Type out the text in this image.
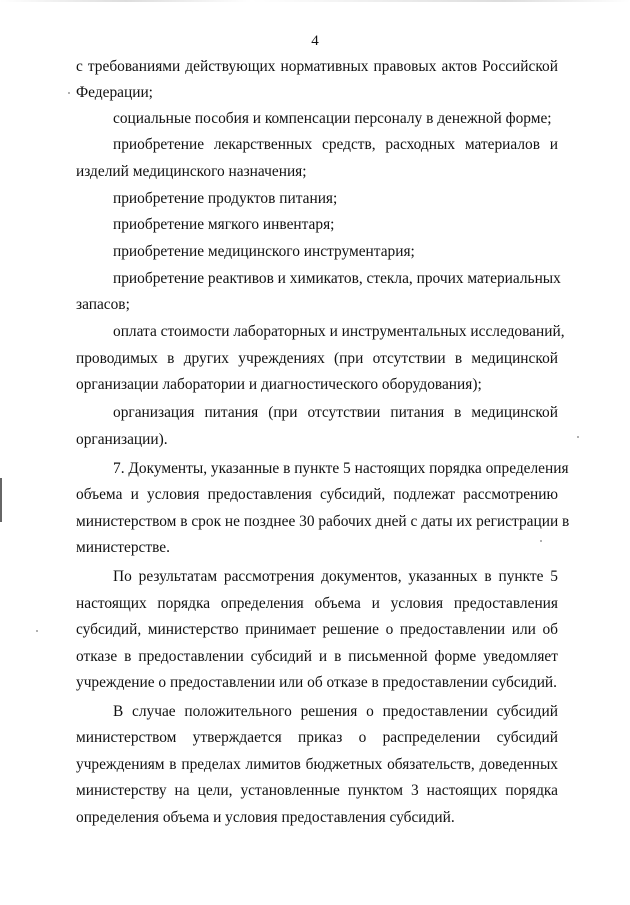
4
с требованиями действующих нормативных правовых актов Российской
Федерации;
социальные пособия и компенсации персоналу в денежной форме;
приобретение лекарственных средств, расходных материалов и
изделий медицинского назначения;
приобретение продуктов питания;
приобретение мягкого инвентаря;
приобретение медицинского инструментария;
приобретение реактивов и химикатов, стекла, прочих материальных
запасов;
оплата стоимости лабораторных и инструментальных исследований,
проводимых в других учреждениях (при отсутствии в медицинской
организации лаборатории и диагностического оборудования);
организация питания (при отсутствии питания в медицинской
организации).
7. Документы, указанные в пункте 5 настоящих порядка определения
объема и условия предоставления субсидий, подлежат рассмотрению
министерством в срок не позднее 30 рабочих дней с даты их регистрации в
министерстве.
По результатам рассмотрения документов, указанных в пункте 5
настоящих порядка определения объема и условия предоставления
субсидий, министерство принимает решение о предоставлении или об
отказе в предоставлении субсидий и в письменной форме уведомляет
учреждение о предоставлении или об отказе в предоставлении субсидий.
В случае положительного решения о предоставлении субсидий
министерством утверждается приказ о распределении субсидий
учреждениям в пределах лимитов бюджетных обязательств, доведенных
министерству на цели, установленные пунктом 3 настоящих порядка
определения объема и условия предоставления субсидий.
